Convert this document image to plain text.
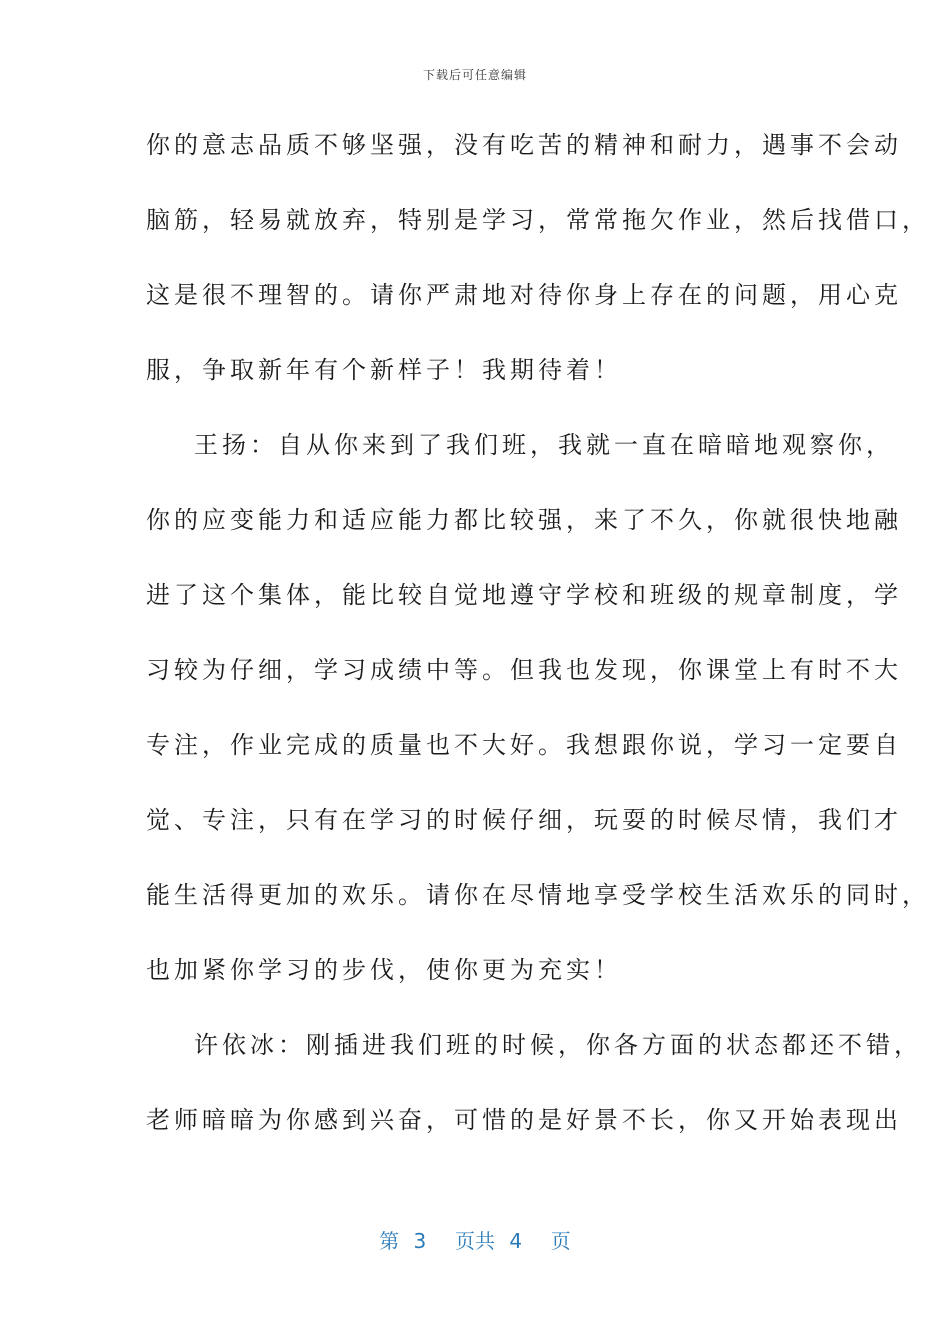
下载后可任意编辑
你的意志品质不够坚强，没有吃苦的精神和耐力，遇事不会动
脑筋，轻易就放弃，特别是学习，常常拖欠作业，然后找借口，
这是很不理智的。请你严肃地对待你身上存在的问题，用心克
服，争取新年有个新样子！我期待着！
王扬：自从你来到了我们班，我就一直在暗暗地观察你，
你的应变能力和适应能力都比较强，来了不久，你就很快地融
进了这个集体，能比较自觉地遵守学校和班级的规章制度，学
习较为仔细，学习成绩中等。但我也发现，你课堂上有时不大
专注，作业完成的质量也不大好。我想跟你说，学习一定要自
觉、专注，只有在学习的时候仔细，玩耍的时候尽情，我们才
能生活得更加的欢乐。请你在尽情地享受学校生活欢乐的同时，
也加紧你学习的步伐，使你更为充实！
许依冰：刚插进我们班的时候，你各方面的状态都还不错，
老师暗暗为你感到兴奋，可惜的是好景不长，你又开始表现出
第 3  页共 4  页
